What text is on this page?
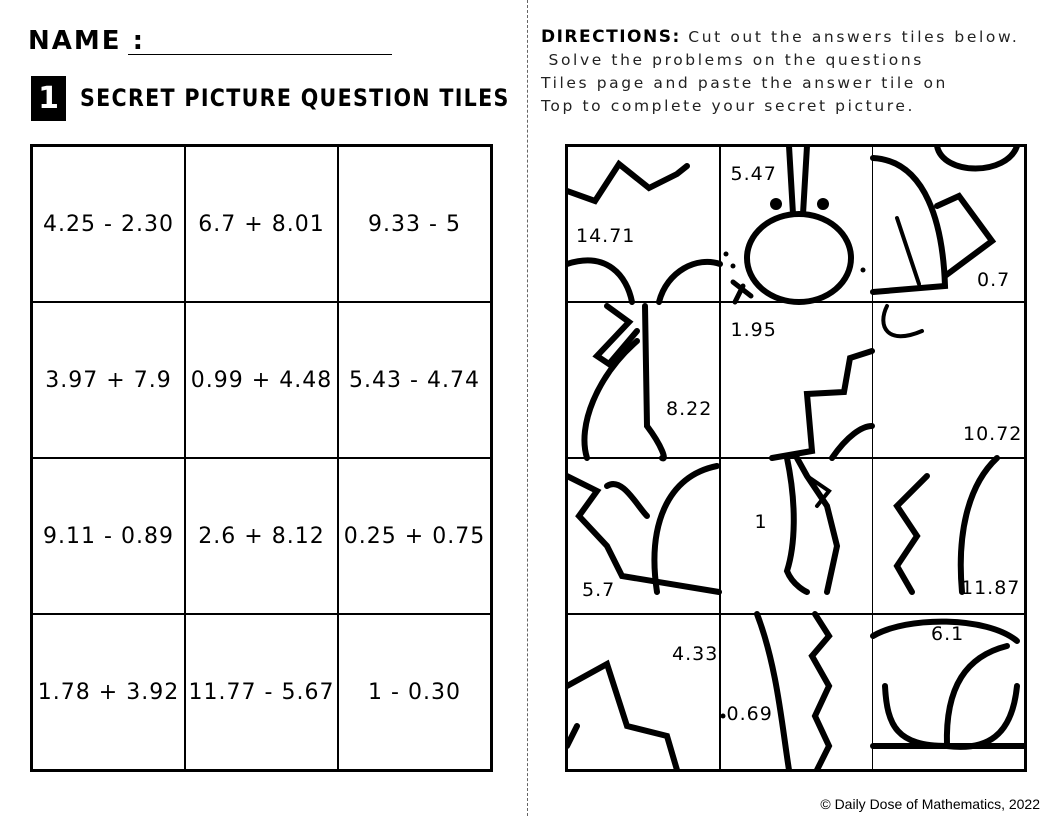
NAME :
1 SECRET PICTURE QUESTION TILES
DIRECTIONS: Cut out the answers tiles below.
Solve the problems on the questions
Tiles page and paste the answer tile on
Top to complete your secret picture.
4.25 - 2.30	6.7 + 8.01	9.33 - 5
3.97 + 7.9 0.99 + 4.48 5.43 - 4.74
9.11 - 0.89	2.6 + 8.12 0.25 + 0.75
1.78 + 3.92 11.77 - 5.67	1 - 0.30
14.71
5.47
0.7
8.22
1.95
10.72
5.7
1
11.87
4.33
0.69
6.1
© Daily Dose of Mathematics, 2022
